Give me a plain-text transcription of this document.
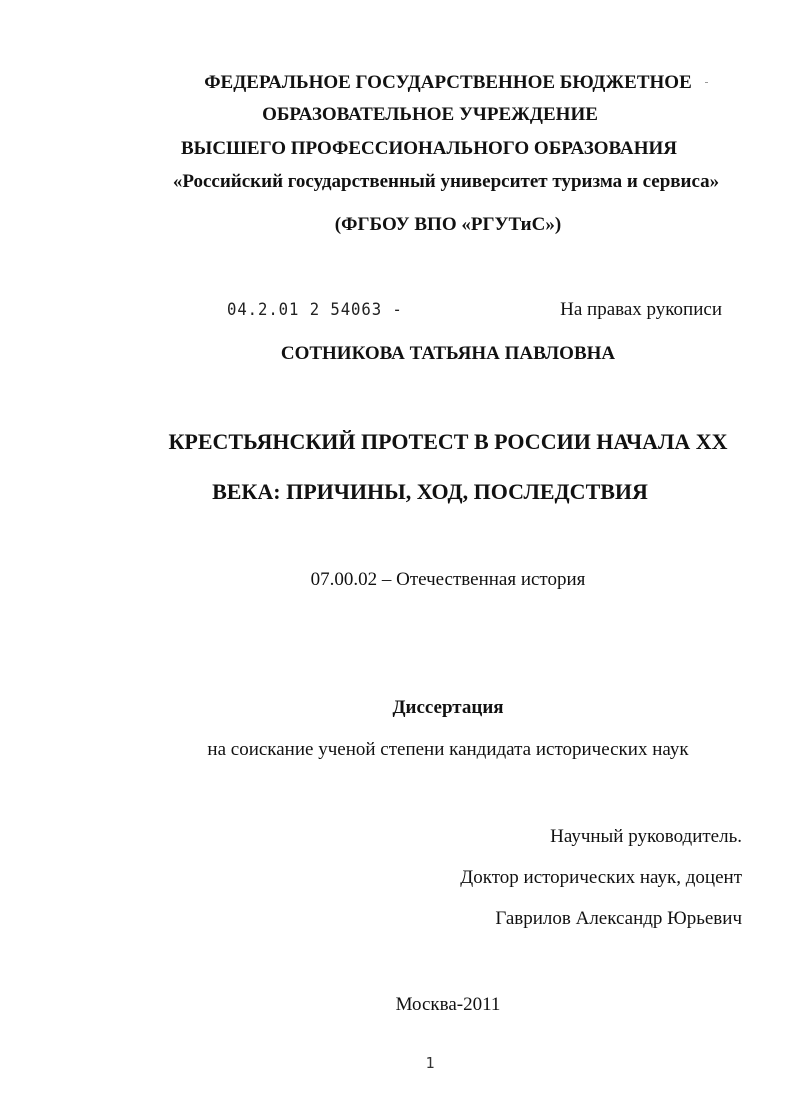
ФЕДЕРАЛЬНОЕ ГОСУДАРСТВЕННОЕ БЮДЖЕТНОЕ
ОБРАЗОВАТЕЛЬНОЕ УЧРЕЖДЕНИЕ
ВЫСШЕГО ПРОФЕССИОНАЛЬНОГО ОБРАЗОВАНИЯ
«Российский государственный университет туризма и сервиса»
(ФГБОУ ВПО «РГУТиС»)
04.2.01 2 54063 -	На правах рукописи
СОТНИКОВА ТАТЬЯНА ПАВЛОВНА
КРЕСТЬЯНСКИЙ ПРОТЕСТ В РОССИИ НАЧАЛА XX
ВЕКА: ПРИЧИНЫ, ХОД, ПОСЛЕДСТВИЯ
07.00.02 – Отечественная история
Диссертация
на соискание ученой степени кандидата исторических наук
Научный руководитель.
Доктор исторических наук, доцент
Гаврилов Александр Юрьевич
Москва-2011
1
